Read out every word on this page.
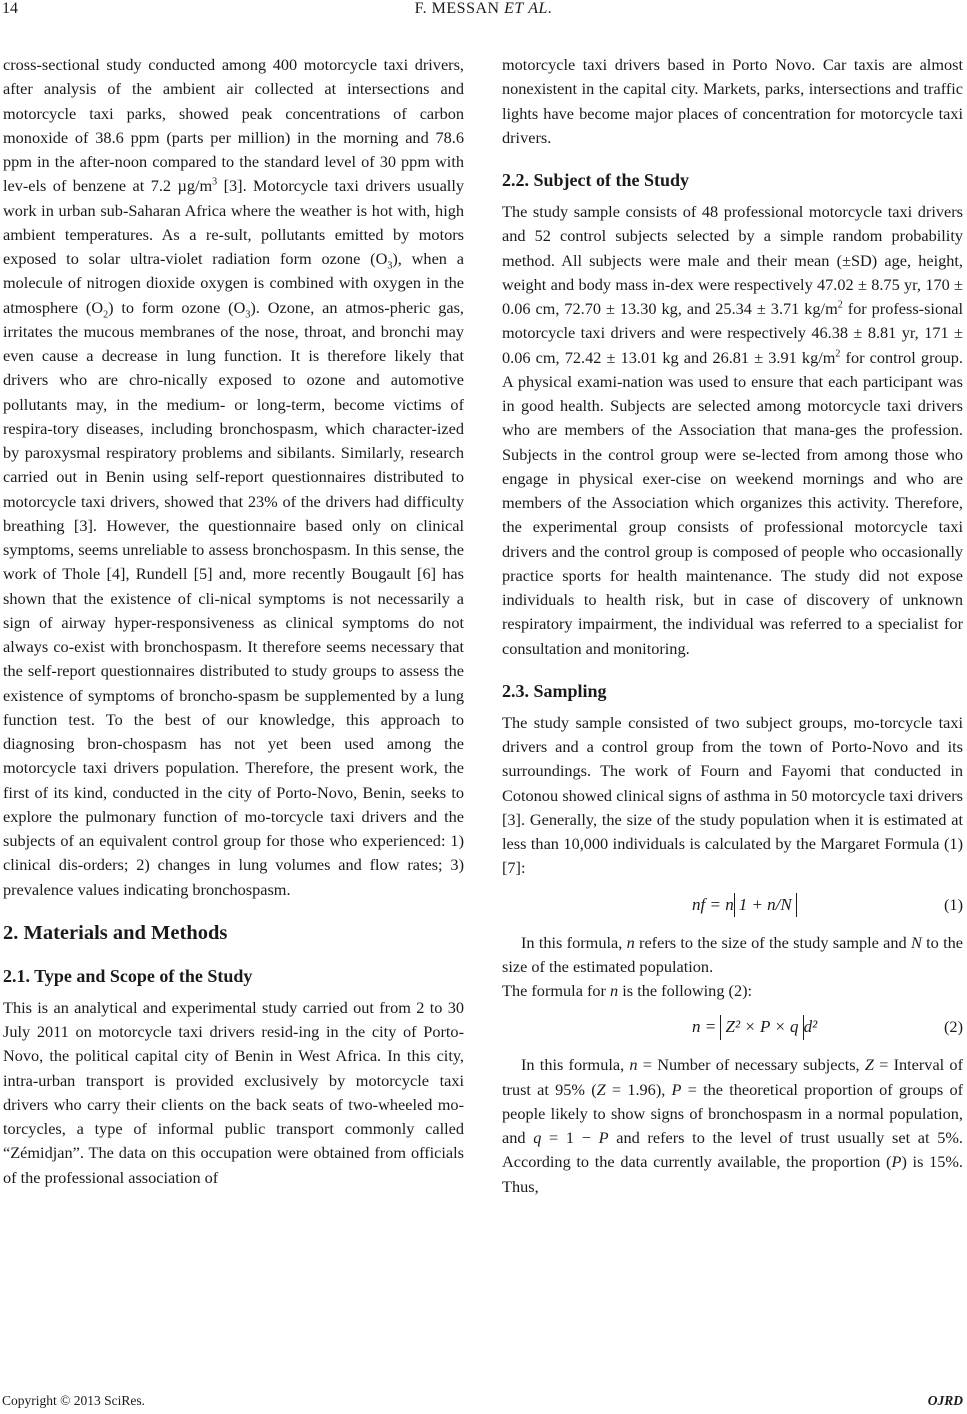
14	F. MESSAN ET AL.

cross-sectional study conducted among 400 motorcycle taxi drivers, after analysis of the ambient air collected at intersections and motorcycle taxi parks, showed peak concentrations of carbon monoxide of 38.6 ppm (parts per million) in the morning and 78.6 ppm in the after-noon compared to the standard level of 30 ppm with lev-els of benzene at 7.2 $\mu g/m^3$ [3]. Motorcycle taxi drivers usually work in urban sub-Saharan Africa where the weather is hot with, high ambient temperatures. As a re-sult, pollutants emitted by motors exposed to solar ultra-violet radiation form ozone $(O_3)$, when a molecule of nitrogen dioxide oxygen is combined with oxygen in the atmosphere $(O_2)$ to form ozone $(O_3)$. Ozone, an atmos-pheric gas, irritates the mucous membranes of the nose, throat, and bronchi may even cause a decrease in lung function. It is therefore likely that drivers who are chro-nically exposed to ozone and automotive pollutants may, in the medium- or long-term, become victims of respira-tory diseases, including bronchospasm, which character-ized by paroxysmal respiratory problems and sibilants. Similarly, research carried out in Benin using self-report questionnaires distributed to motorcycle taxi drivers, showed that 23% of the drivers had difficulty breathing [3]. However, the questionnaire based only on clinical symptoms, seems unreliable to assess bronchospasm. In this sense, the work of Thole [4], Rundell [5] and, more recently Bougault [6] has shown that the existence of cli-nical symptoms is not necessarily a sign of airway hyper-responsiveness as clinical symptoms do not always co-exist with bronchospasm. It therefore seems necessary that the self-report questionnaires distributed to study groups to assess the existence of symptoms of broncho-spasm be supplemented by a lung function test. To the best of our knowledge, this approach to diagnosing bron-chospasm has not yet been used among the motorcycle taxi drivers population. Therefore, the present work, the first of its kind, conducted in the city of Porto-Novo, Benin, seeks to explore the pulmonary function of mo-torcycle taxi drivers and the subjects of an equivalent control group for those who experienced: 1) clinical dis-orders; 2) changes in lung volumes and flow rates; 3) prevalence values indicating bronchospasm.

2. Materials and Methods
2.1. Type and Scope of the Study

This is an analytical and experimental study carried out from 2 to 30 July 2011 on motorcycle taxi drivers resid-ing in the city of Porto-Novo, the political capital city of Benin in West Africa. In this city, intra-urban transport is provided exclusively by motorcycle taxi drivers who carry their clients on the back seats of two-wheeled mo-torcycles, a type of informal public transport commonly called “Zémidjan”. The data on this occupation were obtained from officials of the professional association of

motorcycle taxi drivers based in Porto Novo. Car taxis are almost nonexistent in the capital city. Markets, parks, intersections and traffic lights have become major places of concentration for motorcycle taxi drivers.

2.2. Subject of the Study

The study sample consists of 48 professional motorcycle taxi drivers and 52 control subjects selected by a simple random probability method. All subjects were male and their mean (±SD) age, height, weight and body mass in-dex were respectively 47.02 ± 8.75 yr, 170 ± 0.06 cm, 72.70 ± 13.30 kg, and 25.34 ± 3.71 $kg/m^2$ for profess-sional motorcycle taxi drivers and were respectively 46.38 ± 8.81 yr, 171 ± 0.06 cm, 72.42 ± 13.01 kg and 26.81 ± 3.91 $kg/m^2$ for control group. A physical exami-nation was used to ensure that each participant was in good health. Subjects are selected among motorcycle taxi drivers who are members of the Association that mana-ges the profession. Subjects in the control group were se-lected from among those who engage in physical exer-cise on weekend mornings and who are members of the Association which organizes this activity. Therefore, the experimental group consists of professional motorcycle taxi drivers and the control group is composed of people who occasionally practice sports for health maintenance. The study did not expose individuals to health risk, but in case of discovery of unknown respiratory impairment, the individual was referred to a specialist for consultation and monitoring.

2.3. Sampling

The study sample consisted of two subject groups, mo-torcycle taxi drivers and a control group from the town of Porto-Novo and its surroundings. The work of Fourn and Fayomi that conducted in Cotonou showed clinical signs of asthma in 50 motorcycle taxi drivers [3]. Generally, the size of the study population when it is estimated at less than 10,000 individuals is calculated by the Margaret Formula (1) [7]:

nf = n 1 + n/N	(1)

In this formula, n refers to the size of the study sample and N to the size of the estimated population.

The formula for n is the following (2):

n = Z² × P × q d²	(2)

In this formula, n = Number of necessary subjects, Z = Interval of trust at 95% (Z = 1.96), P = the theoretical proportion of groups of people likely to show signs of bronchospasm in a normal population, and q = 1 − P and refers to the level of trust usually set at 5%. According to the data currently available, the proportion (P) is 15%. Thus,

Copyright © 2013 SciRes.	OJRD
